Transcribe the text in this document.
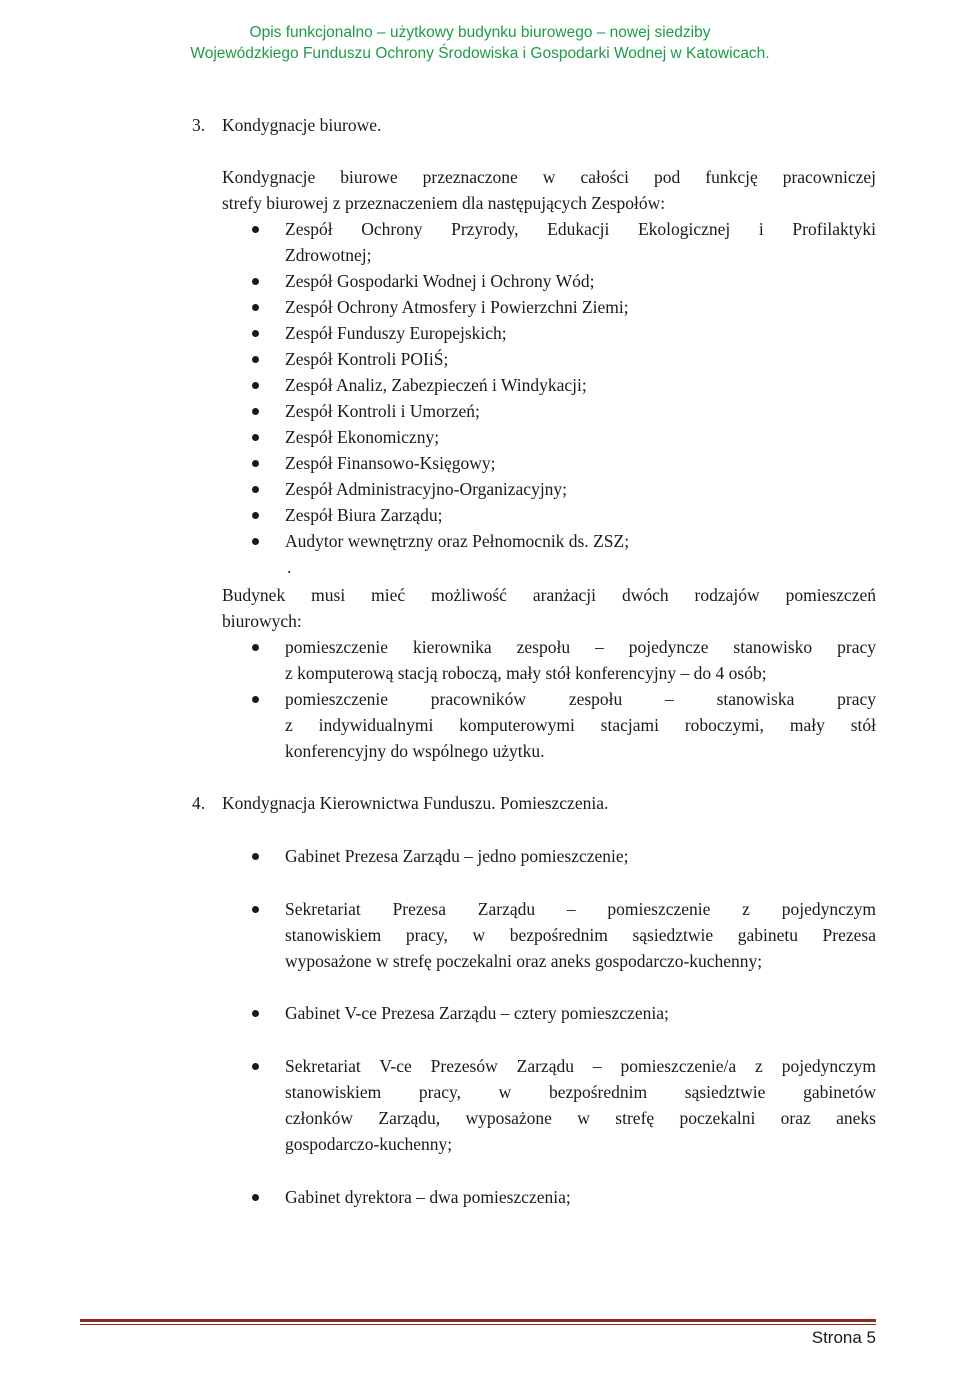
Opis funkcjonalno – użytkowy budynku biurowego – nowej siedziby
Wojewódzkiego Funduszu Ochrony Środowiska i Gospodarki Wodnej w Katowicach.
3. Kondygnacje biurowe.
Kondygnacje biurowe przeznaczone w całości pod funkcję pracowniczej
strefy biurowej z przeznaczeniem dla następujących Zespołów:
Zespół Ochrony Przyrody, Edukacji Ekologicznej i Profilaktyki
Zdrowotnej;
Zespół Gospodarki Wodnej i Ochrony Wód;
Zespół Ochrony Atmosfery i Powierzchni Ziemi;
Zespół Funduszy Europejskich;
Zespół Kontroli POIiŚ;
Zespół Analiz, Zabezpieczeń i Windykacji;
Zespół Kontroli i Umorzeń;
Zespół Ekonomiczny;
Zespół Finansowo-Księgowy;
Zespół Administracyjno-Organizacyjny;
Zespół Biura Zarządu;
Audytor wewnętrzny oraz Pełnomocnik ds. ZSZ;
.
Budynek musi mieć możliwość aranżacji dwóch rodzajów pomieszczeń
biurowych:
pomieszczenie kierownika zespołu – pojedyncze stanowisko pracy
z komputerową stacją roboczą, mały stół konferencyjny – do 4 osób;
pomieszczenie pracowników zespołu – stanowiska pracy
z indywidualnymi komputerowymi stacjami roboczymi, mały stół
konferencyjny do wspólnego użytku.
4. Kondygnacja Kierownictwa Funduszu. Pomieszczenia.
Gabinet Prezesa Zarządu – jedno pomieszczenie;
Sekretariat Prezesa Zarządu – pomieszczenie z pojedynczym
stanowiskiem pracy, w bezpośrednim sąsiedztwie gabinetu Prezesa
wyposażone w strefę poczekalni oraz aneks gospodarczo-kuchenny;
Gabinet V-ce Prezesa Zarządu – cztery pomieszczenia;
Sekretariat V-ce Prezesów Zarządu – pomieszczenie/a z pojedynczym
stanowiskiem pracy, w bezpośrednim sąsiedztwie gabinetów
członków Zarządu, wyposażone w strefę poczekalni oraz aneks
gospodarczo-kuchenny;
Gabinet dyrektora – dwa pomieszczenia;
Strona 5
